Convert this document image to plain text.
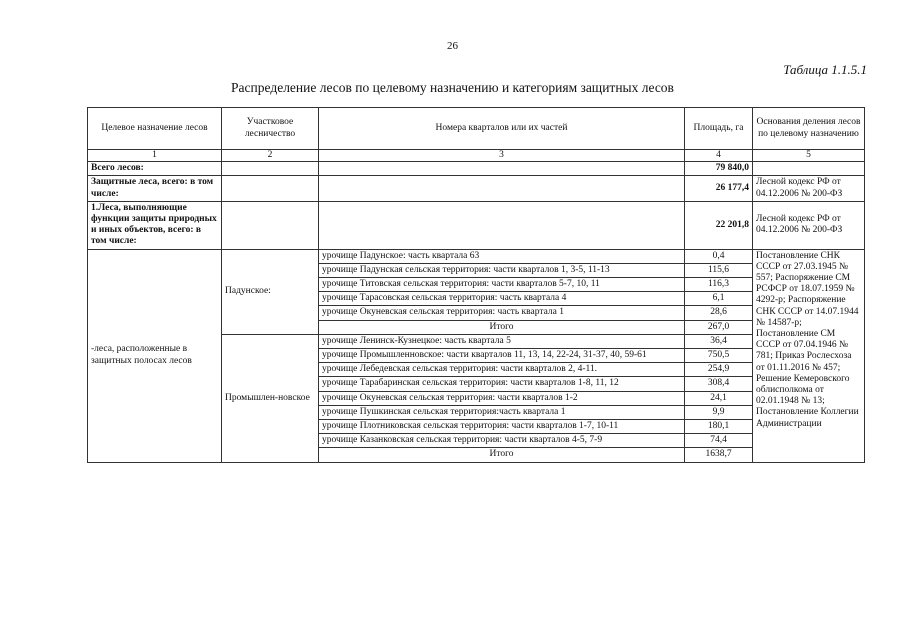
26
Таблица 1.1.5.1
Распределение лесов по целевому назначению и категориям защитных лесов
Целевое назначение лесов	Участковое лесничество	Номера кварталов или их частей	Площадь, га	Основания деления лесов по целевому назначению
1	2	3	4	5
Всего лесов:			79 840,0	
Защитные леса, всего: в том числе:			26 177,4	Лесной кодекс РФ от 04.12.2006 № 200-ФЗ
1.Леса, выполняющие функции защиты природных и иных объектов, всего: в том числе:			22 201,8	Лесной кодекс РФ от 04.12.2006 № 200-ФЗ
-леса, расположенные в защитных полосах лесов	Падунское:	урочище Падунское: часть квартала 63	0,4	Постановление СНК СССР от 27.03.1945 № 557; Распоряжение СМ РСФСР от 18.07.1959 № 4292-р; Распоряжение СНК СССР от 14.07.1944 № 14587-р; Постановление СМ СССР от 07.04.1946 № 781; Приказ Рослесхоза от 01.11.2016 № 457; Решение Кемеровского облисполкома от 02.01.1948 № 13; Постановление Коллегии Администрации
		урочище Падунская сельская территория: части кварталов 1, 3-5, 11-13	115,6	
		урочище Титовская сельская территория: части кварталов 5-7, 10, 11	116,3	
		урочище Тарасовская сельская территория: часть квартала 4	6,1	
		урочище Окуневская сельская территория: часть квартала 1	28,6	
		Итого	267,0	
	Промышлен-новское	урочище Ленинск-Кузнецкое: часть квартала 5	36,4	
		урочище Промышленновское: части кварталов 11, 13, 14, 22-24, 31-37, 40, 59-61	750,5	
		урочище Лебедевская сельская территория: части кварталов 2, 4-11.	254,9	
		урочище Тарабаринская сельская территория: части кварталов 1-8, 11, 12	308,4	
		урочище Окуневская сельская территория: части кварталов 1-2	24,1	
		урочище Пушкинская сельская территория:часть квартала 1	9,9	
		урочище Плотниковская сельская территория: части кварталов 1-7, 10-11	180,1	
		урочище Казанковская сельская территория: части кварталов 4-5, 7-9	74,4	
		Итого	1638,7	
